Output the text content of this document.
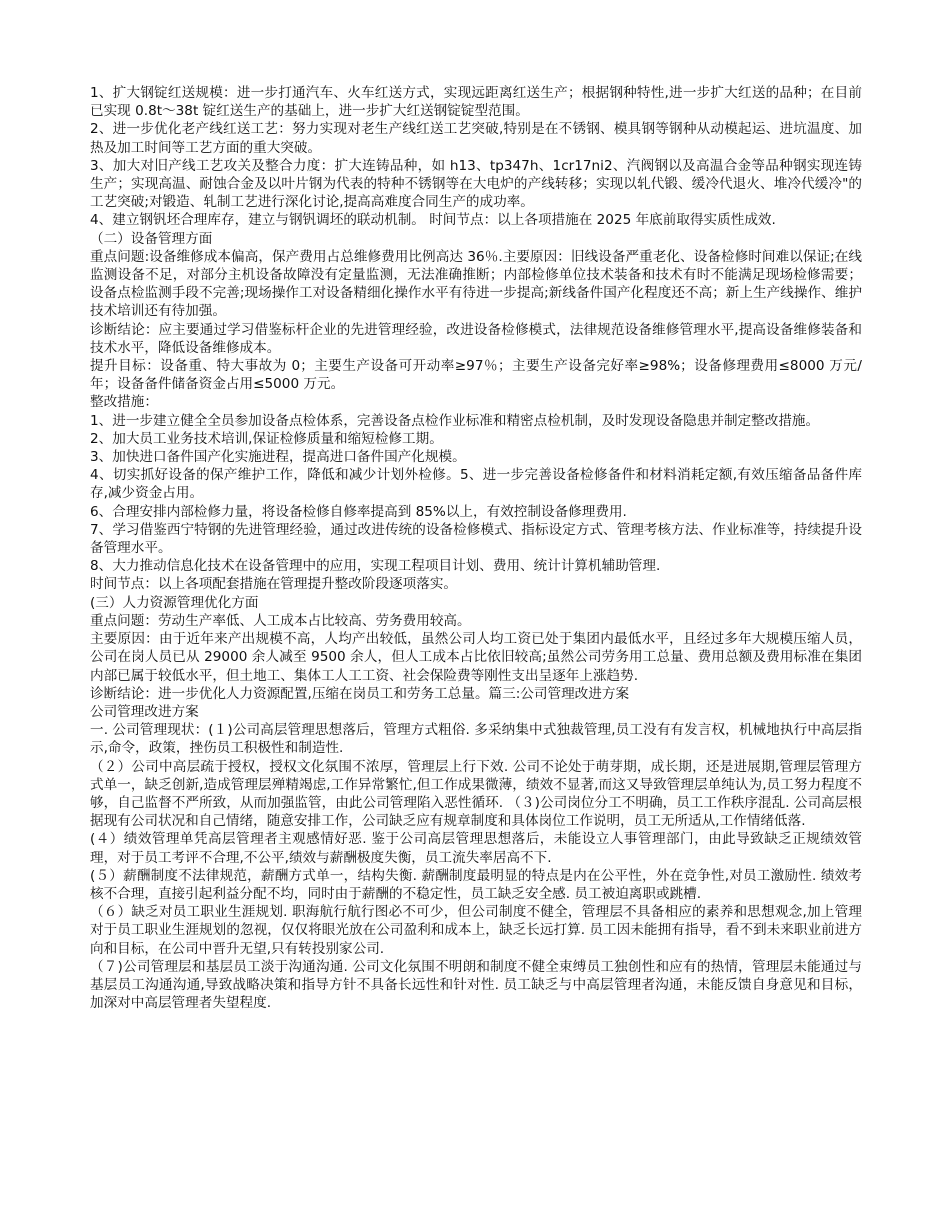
1、扩大钢锭红送规模：进一步打通汽车、火车红送方式，实现远距离红送生产；根据钢种特性,进一步扩大红送的品种；在目前已实现 0.8t～38t 锭红送生产的基础上，进一步扩大红送钢锭锭型范围。

2、进一步优化老产线红送工艺：努力实现对老生产线红送工艺突破,特别是在不锈钢、模具钢等钢种从动模起运、进坑温度、加热及加工时间等工艺方面的重大突破。

3、加大对旧产线工艺攻关及整合力度：扩大连铸品种，如 h13、tp347h、1cr17ni2、汽阀钢以及高温合金等品种钢实现连铸生产；实现高温、耐蚀合金及以叶片钢为代表的特种不锈钢等在大电炉的产线转移；实现以轧代锻、缓冷代退火、堆冷代缓冷"的工艺突破;对锻造、轧制工艺进行深化讨论,提高高难度合同生产的成功率。

4、建立钢钒坯合理库存，建立与钢钒调坯的联动机制。 时间节点：以上各项措施在 2025 年底前取得实质性成效.

（二）设备管理方面

重点问题:设备维修成本偏高，保产费用占总维修费用比例高达 36％.主要原因：旧线设备严重老化、设备检修时间难以保证;在线监测设备不足，对部分主机设备故障没有定量监测，无法准确推断；内部检修单位技术装备和技术有时不能满足现场检修需要；设备点检监测手段不完善;现场操作工对设备精细化操作水平有待进一步提高;新线备件国产化程度还不高；新上生产线操作、维护技术培训还有待加强。

诊断结论：应主要通过学习借鉴标杆企业的先进管理经验，改进设备检修模式，法律规范设备维修管理水平,提高设备维修装备和技术水平，降低设备维修成本。

提升目标：设备重、特大事故为 0；主要生产设备可开动率≥97％；主要生产设备完好率≥98%；设备修理费用≤8000 万元/年；设备备件储备资金占用≤5000 万元。

整改措施：

1、进一步建立健全全员参加设备点检体系，完善设备点检作业标准和精密点检机制，及时发现设备隐患并制定整改措施。

2、加大员工业务技术培训,保证检修质量和缩短检修工期。

3、加快进口备件国产化实施进程，提高进口备件国产化规模。

4、切实抓好设备的保产维护工作，降低和减少计划外检修。5、进一步完善设备检修备件和材料消耗定额,有效压缩备品备件库存,减少资金占用。

6、合理安排内部检修力量，将设备检修自修率提高到 85%以上，有效控制设备修理费用.

7、学习借鉴西宁特钢的先进管理经验，通过改进传统的设备检修模式、指标设定方式、管理考核方法、作业标准等，持续提升设备管理水平。

8、大力推动信息化技术在设备管理中的应用，实现工程项目计划、费用、统计计算机辅助管理.

时间节点：以上各项配套措施在管理提升整改阶段逐项落实。

(三）人力资源管理优化方面

重点问题：劳动生产率低、人工成本占比较高、劳务费用较高。

主要原因：由于近年来产出规模不高，人均产出较低，虽然公司人均工资已处于集团内最低水平，且经过多年大规模压缩人员，公司在岗人员已从 29000 余人减至 9500 余人，但人工成本占比依旧较高;虽然公司劳务用工总量、费用总额及费用标准在集团内部已属于较低水平，但土地工、集体工人工工资、社会保险费等刚性支出呈逐年上涨趋势.

诊断结论：进一步优化人力资源配置,压缩在岗员工和劳务工总量。篇三:公司管理改进方案

公司管理改进方案

一. 公司管理现状：(１)公司高层管理思想落后，管理方式粗俗. 多采纳集中式独裁管理,员工没有有发言权，机械地执行中高层指示,命令，政策，挫伤员工积极性和制造性.

（２）公司中高层疏于授权，授权文化氛围不浓厚，管理层上行下效. 公司不论处于萌芽期，成长期，还是进展期,管理层管理方式单一，缺乏创新,造成管理层殚精竭虑,工作异常繁忙,但工作成果微薄，绩效不显著,而这又导致管理层单纯认为,员工努力程度不够，自己监督不严所致，从而加强监管，由此公司管理陷入恶性循环. （３)公司岗位分工不明确，员工工作秩序混乱. 公司高层根据现有公司状况和自己情绪，随意安排工作，公司缺乏应有规章制度和具体岗位工作说明，员工无所适从,工作情绪低落.

(４）绩效管理单凭高层管理者主观感情好恶. 鉴于公司高层管理思想落后，未能设立人事管理部门，由此导致缺乏正规绩效管理，对于员工考评不合理,不公平,绩效与薪酬极度失衡，员工流失率居高不下.

(５）薪酬制度不法律规范，薪酬方式单一，结构失衡. 薪酬制度最明显的特点是内在公平性，外在竞争性,对员工激励性. 绩效考核不合理，直接引起利益分配不均，同时由于薪酬的不稳定性，员工缺乏安全感. 员工被迫离职或跳槽.

（６）缺乏对员工职业生涯规划. 职海航行航行图必不可少，但公司制度不健全，管理层不具备相应的素养和思想观念,加上管理对于员工职业生涯规划的忽视，仅仅将眼光放在公司盈利和成本上，缺乏长远打算. 员工因未能拥有指导，看不到未来职业前进方向和目标，在公司中晋升无望,只有转投别家公司.

（７)公司管理层和基层员工淡于沟通沟通. 公司文化氛围不明朗和制度不健全束缚员工独创性和应有的热情，管理层未能通过与基层员工沟通沟通,导致战略决策和指导方针不具备长远性和针对性. 员工缺乏与中高层管理者沟通，未能反馈自身意见和目标，加深对中高层管理者失望程度.
